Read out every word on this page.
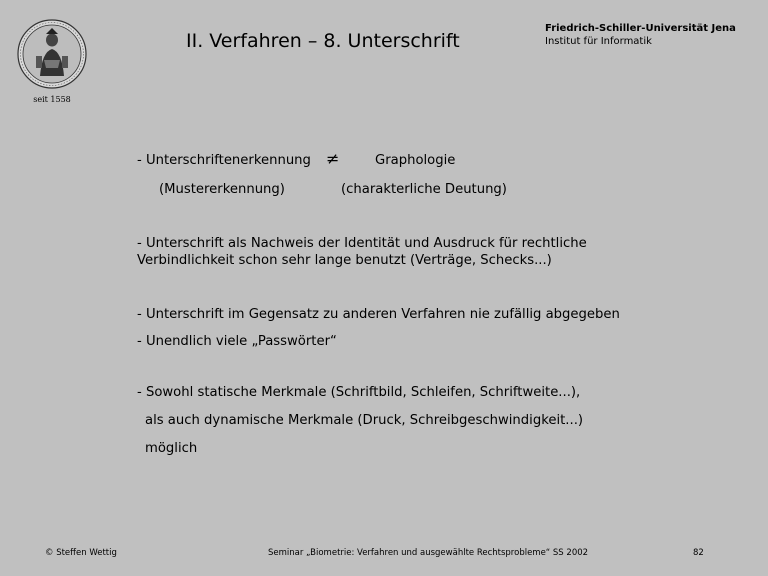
seit 1558
II. Verfahren – 8. Unterschrift
Friedrich-Schiller-Universität Jena
Institut für Informatik
- Unterschriftenerkennung ≠	Graphologie
(Mustererkennung)	(charakterliche Deutung)
- Unterschrift als Nachweis der Identität und Ausdruck für rechtliche
Verbindlichkeit schon sehr lange benutzt (Verträge, Schecks...)
- Unterschrift im Gegensatz zu anderen Verfahren nie zufällig abgegeben
- Unendlich viele „Passwörter“
- Sowohl statische Merkmale (Schriftbild, Schleifen, Schriftweite...),
als auch dynamische Merkmale (Druck, Schreibgeschwindigkeit...)
möglich
© Steffen Wettig	Seminar „Biometrie: Verfahren und ausgewählte Rechtsprobleme“ SS 2002	82
